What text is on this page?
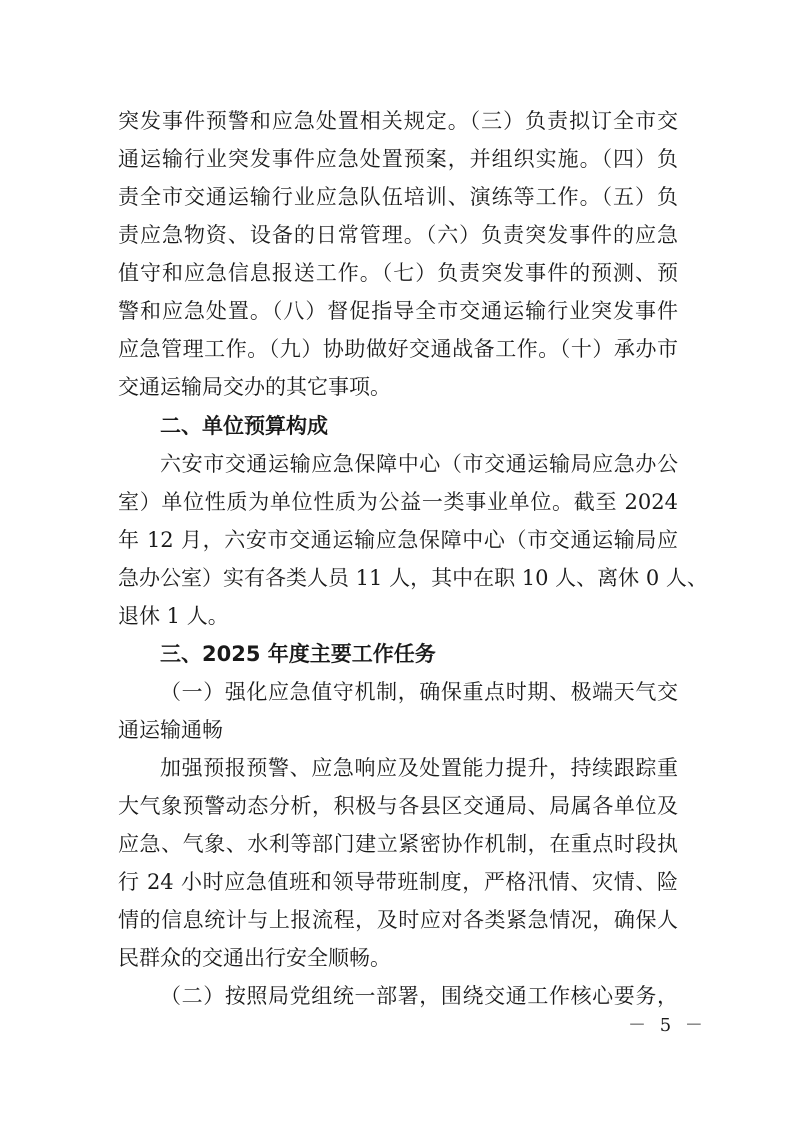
突发事件预警和应急处置相关规定。（三）负责拟订全市交
通运输行业突发事件应急处置预案，并组织实施。（四）负
责全市交通运输行业应急队伍培训、演练等工作。（五）负
责应急物资、设备的日常管理。（六）负责突发事件的应急
值守和应急信息报送工作。（七）负责突发事件的预测、预
警和应急处置。（八）督促指导全市交通运输行业突发事件
应急管理工作。（九）协助做好交通战备工作。（十）承办市
交通运输局交办的其它事项。
二、单位预算构成
六安市交通运输应急保障中心（市交通运输局应急办公
室）单位性质为单位性质为公益一类事业单位。截至 2024
年 12 月，六安市交通运输应急保障中心（市交通运输局应
急办公室）实有各类人员 11 人，其中在职 10 人、离休 0 人、
退休 1 人。
三、2025 年度主要工作任务
（一）强化应急值守机制，确保重点时期、极端天气交
通运输通畅
加强预报预警、应急响应及处置能力提升，持续跟踪重
大气象预警动态分析，积极与各县区交通局、局属各单位及
应急、气象、水利等部门建立紧密协作机制，在重点时段执
行 24 小时应急值班和领导带班制度，严格汛情、灾情、险
情的信息统计与上报流程，及时应对各类紧急情况，确保人
民群众的交通出行安全顺畅。
（二）按照局党组统一部署，围绕交通工作核心要务，
－ 5 －
